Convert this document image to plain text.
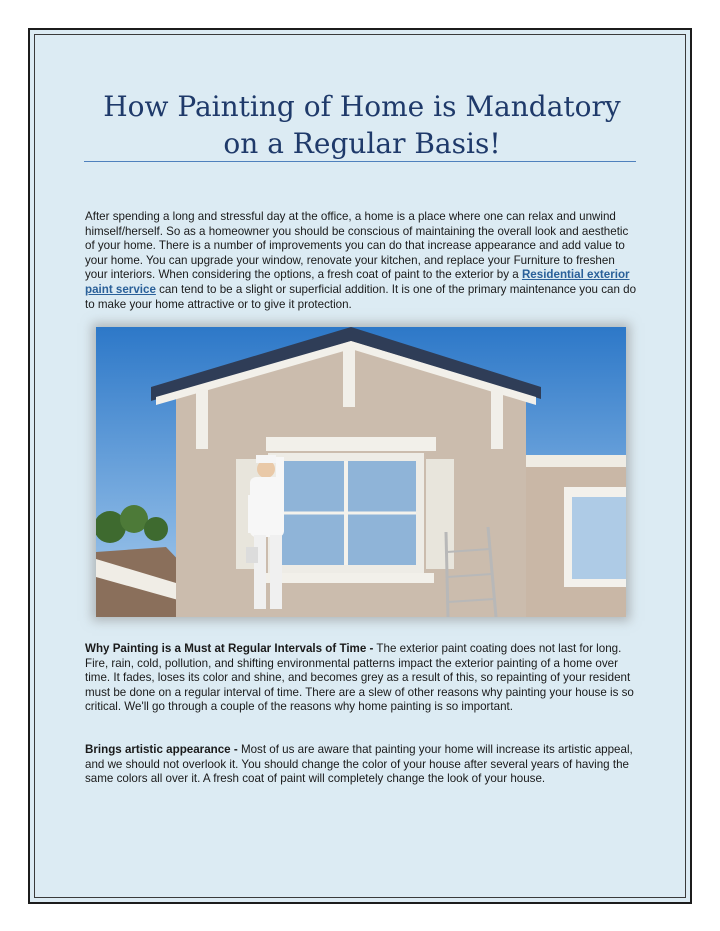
How Painting of Home is Mandatory on a Regular Basis!

After spending a long and stressful day at the office, a home is a place where one can relax and unwind himself/herself. So as a homeowner you should be conscious of maintaining the overall look and aesthetic of your home. There is a number of improvements you can do that increase appearance and add value to your home. You can upgrade your window, renovate your kitchen, and replace your Furniture to freshen your interiors. When considering the options, a fresh coat of paint to the exterior by a Residential exterior paint service can tend to be a slight or superficial addition. It is one of the primary maintenance you can do to make your home attractive or to give it protection.

Why Painting is a Must at Regular Intervals of Time - The exterior paint coating does not last for long. Fire, rain, cold, pollution, and shifting environmental patterns impact the exterior painting of a home over time. It fades, loses its color and shine, and becomes grey as a result of this, so repainting of your resident must be done on a regular interval of time. There are a slew of other reasons why painting your house is so critical. We'll go through a couple of the reasons why home painting is so important.

Brings artistic appearance - Most of us are aware that painting your home will increase its artistic appeal, and we should not overlook it. You should change the color of your house after several years of having the same colors all over it. A fresh coat of paint will completely change the look of your house.
